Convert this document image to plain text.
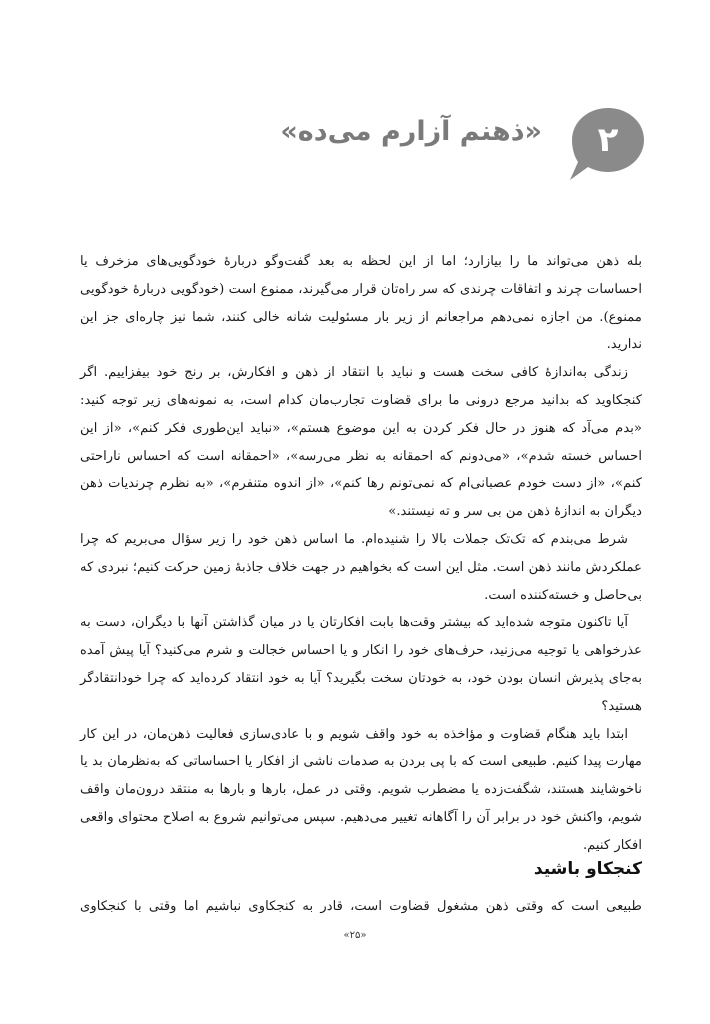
۲
«ذهنم آزارم می‌ده»

بله ذهن می‌تواند ما را بیازارد؛ اما از این لحظه به بعد گفت‌وگو دربارهٔ خودگویی‌های مزخرف یا احساسات چرند و اتفاقات چرندی که سر راه‌تان قرار می‌گیرند، ممنوع است (خودگویی دربارهٔ خودگویی ممنوع). من اجازه نمی‌دهم مراجعانم از زیر بار مسئولیت شانه خالی کنند، شما نیز چاره‌ای جز این ندارید.

زندگی به‌اندازهٔ کافی سخت هست و نباید با انتقاد از ذهن و افکارش، بر رنج خود بیفزاییم. اگر کنجکاوید که بدانید مرجع درونی ما برای قضاوت تجارب‌مان کدام است، به نمونه‌های زیر توجه کنید: «بدم می‌آد که هنوز در حال فکر کردن به این موضوع هستم»، «نباید این‌طوری فکر کنم»، «از این احساس خسته شدم»، «می‌دونم که احمقانه به نظر می‌رسه»، «احمقانه است که احساس ناراحتی کنم»، «از دست خودم عصبانی‌ام که نمی‌تونم رها کنم»، «از اندوه متنفرم»، «به نظرم چرندیات ذهن دیگران به اندازهٔ ذهن من بی سر و ته نیستند.»

شرط می‌بندم که تک‌تک جملات بالا را شنیده‌ام. ما اساس ذهن خود را زیر سؤال می‌بریم که چرا عملکردش مانند ذهن است. مثل این است که بخواهیم در جهت خلاف جاذبهٔ زمین حرکت کنیم؛ نبردی که بی‌حاصل و خسته‌کننده است.

آیا تاکنون متوجه شده‌اید که بیشتر وقت‌ها بابت افکارتان یا در میان گذاشتن آنها با دیگران، دست به عذرخواهی یا توجیه می‌زنید، حرف‌های خود را انکار و یا احساس خجالت و شرم می‌کنید؟ آیا پیش آمده به‌جای پذیرش انسان بودن خود، به خودتان سخت بگیرید؟ آیا به خود انتقاد کرده‌اید که چرا خودانتقادگر هستید؟

ابتدا باید هنگام قضاوت و مؤاخذه به خود واقف شویم و با عادی‌سازی فعالیت ذهن‌مان، در این کار مهارت پیدا کنیم. طبیعی است که با پی بردن به صدمات ناشی از افکار یا احساساتی که به‌نظرمان بد یا ناخوشایند هستند، شگفت‌زده یا مضطرب شویم. وقتی در عمل، بارها و بارها به منتقد درون‌مان واقف شویم، واکنش خود در برابر آن را آگاهانه تغییر می‌دهیم. سپس می‌توانیم شروع به اصلاح محتوای واقعی افکار کنیم.

کنجکاو باشید
طبیعی است که وقتی ذهن مشغول قضاوت است، قادر به کنجکاوی نباشیم اما وقتی با کنجکاوی
«۲۵»
